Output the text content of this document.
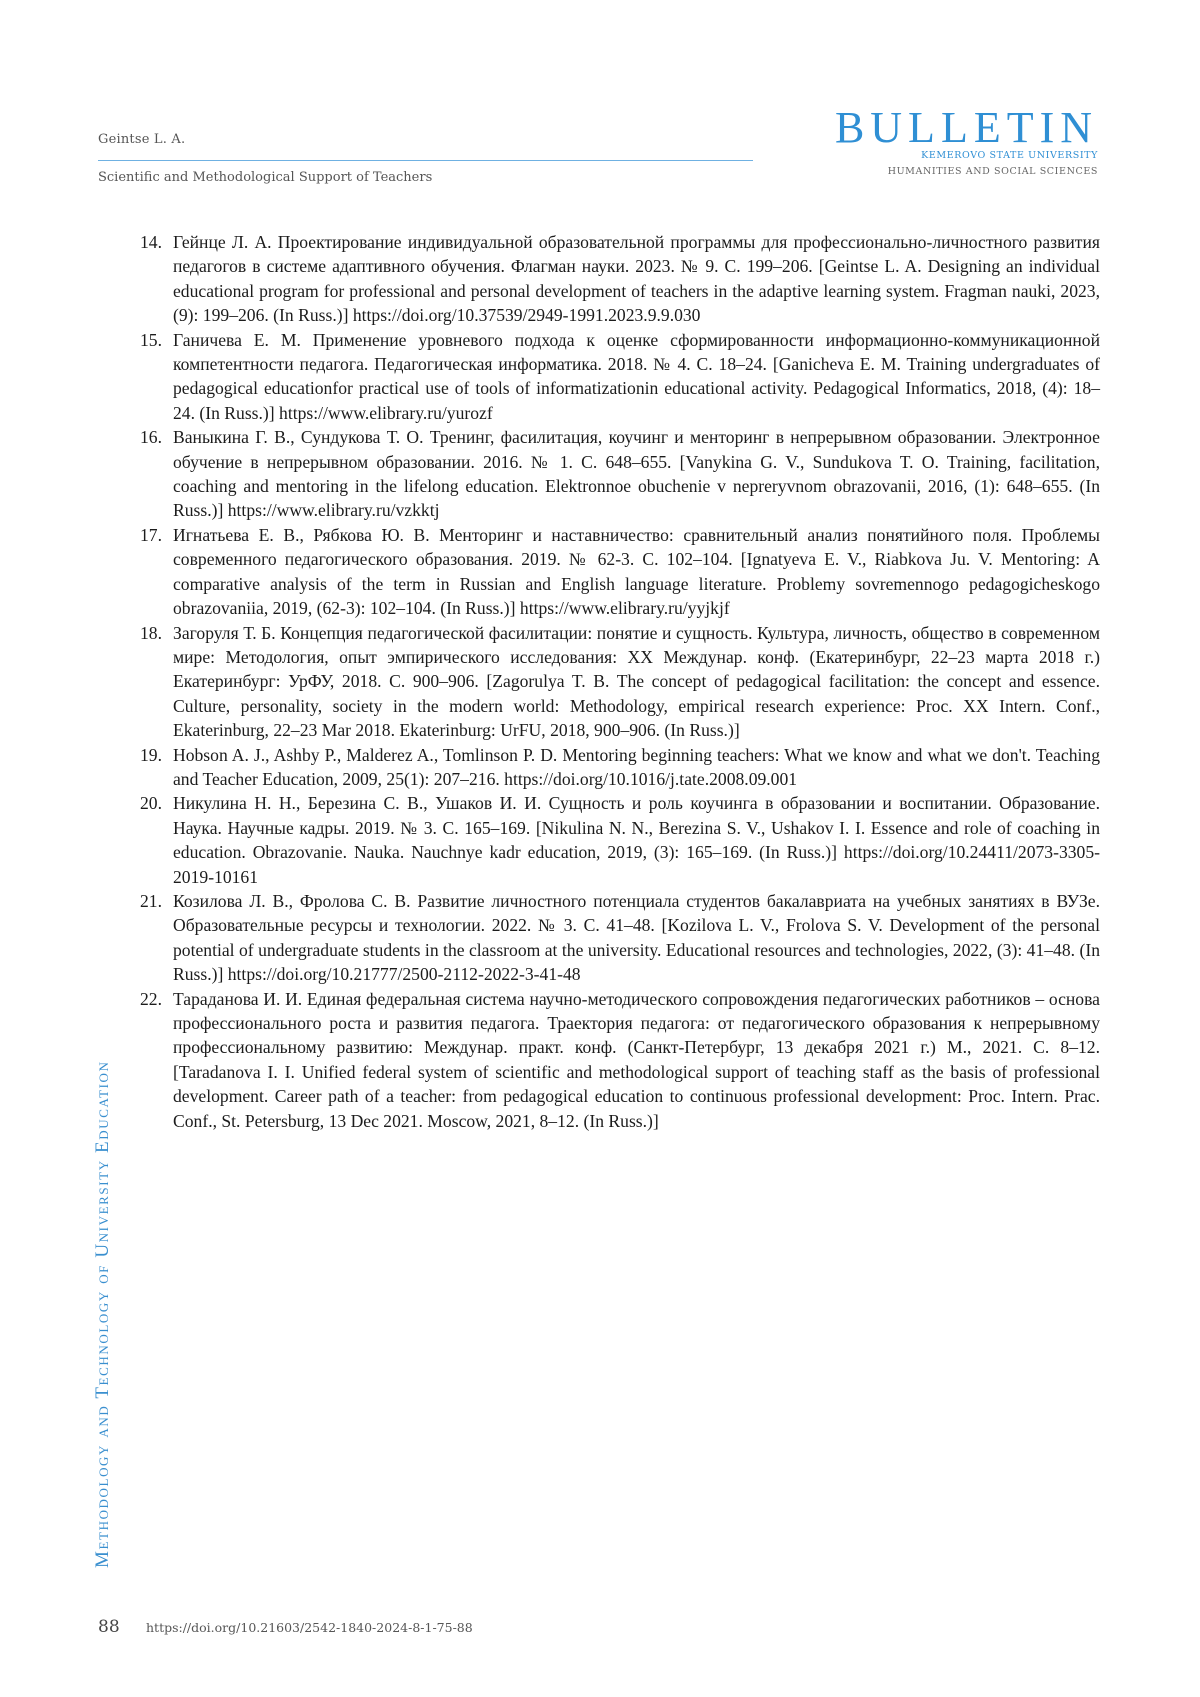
Geintse L. A.
Scientific and Methodological Support of Teachers
BULLETIN
KEMEROVO STATE UNIVERSITY
HUMANITIES AND SOCIAL SCIENCES
Methodology and Technology of University Education
14. Гейнце Л. А. Проектирование индивидуальной образовательной программы для профессионально-личностного развития педагогов в системе адаптивного обучения. Флагман науки. 2023. № 9. С. 199–206. [Geintse L. A. Designing an individual educational program for professional and personal development of teachers in the adaptive learning system. Fragman nauki, 2023, (9): 199–206. (In Russ.)] https://doi.org/10.37539/2949-1991.2023.9.9.030
15. Ганичева Е. М. Применение уровневого подхода к оценке сформированности информационно-коммуникационной компетентности педагога. Педагогическая информатика. 2018. № 4. С. 18–24. [Ganicheva E. M. Training undergraduates of pedagogical educationfor practical use of tools of informatizationin educational activity. Pedagogical Informatics, 2018, (4): 18–24. (In Russ.)] https://www.elibrary.ru/yurozf
16. Ваныкина Г. В., Сундукова Т. О. Тренинг, фасилитация, коучинг и менторинг в непрерывном образовании. Электронное обучение в непрерывном образовании. 2016. № 1. С. 648–655. [Vanykina G. V., Sundukova T. O. Training, facilitation, coaching and mentoring in the lifelong education. Elektronnoe obuchenie v nepreryvnom obrazovanii, 2016, (1): 648–655. (In Russ.)] https://www.elibrary.ru/vzkktj
17. Игнатьева Е. В., Рябкова Ю. В. Менторинг и наставничество: сравнительный анализ понятийного поля. Проблемы современного педагогического образования. 2019. № 62-3. С. 102–104. [Ignatyeva E. V., Riabkova Ju. V. Mentoring: A comparative analysis of the term in Russian and English language literature. Problemy sovremennogo pedagogicheskogo obrazovaniia, 2019, (62-3): 102–104. (In Russ.)] https://www.elibrary.ru/yyjkjf
18. Загоруля Т. Б. Концепция педагогической фасилитации: понятие и сущность. Культура, личность, общество в современном мире: Методология, опыт эмпирического исследования: XX Междунар. конф. (Екатеринбург, 22–23 марта 2018 г.) Екатеринбург: УрФУ, 2018. С. 900–906. [Zagorulya T. B. The concept of pedagogical facilitation: the concept and essence. Culture, personality, society in the modern world: Methodology, empirical research experience: Proc. XX Intern. Conf., Ekaterinburg, 22–23 Mar 2018. Ekaterinburg: UrFU, 2018, 900–906. (In Russ.)]
19. Hobson A. J., Ashby P., Malderez A., Tomlinson P. D. Mentoring beginning teachers: What we know and what we don't. Teaching and Teacher Education, 2009, 25(1): 207–216. https://doi.org/10.1016/j.tate.2008.09.001
20. Никулина Н. Н., Березина С. В., Ушаков И. И. Сущность и роль коучинга в образовании и воспитании. Образование. Наука. Научные кадры. 2019. № 3. С. 165–169. [Nikulina N. N., Berezina S. V., Ushakov I. I. Essence and role of coaching in education. Obrazovanie. Nauka. Nauchnye kadr education, 2019, (3): 165–169. (In Russ.)] https://doi.org/10.24411/2073-3305-2019-10161
21. Козилова Л. В., Фролова С. В. Развитие личностного потенциала студентов бакалавриата на учебных занятиях в ВУЗе. Образовательные ресурсы и технологии. 2022. № 3. С. 41–48. [Kozilova L. V., Frolova S. V. Development of the personal potential of undergraduate students in the classroom at the university. Educational resources and technologies, 2022, (3): 41–48. (In Russ.)] https://doi.org/10.21777/2500-2112-2022-3-41-48
22. Тараданова И. И. Единая федеральная система научно-методического сопровождения педагогических работников – основа профессионального роста и развития педагога. Траектория педагога: от педагогического образования к непрерывному профессиональному развитию: Междунар. практ. конф. (Санкт-Петербург, 13 декабря 2021 г.) М., 2021. С. 8–12. [Taradanova I. I. Unified federal system of scientific and methodological support of teaching staff as the basis of professional development. Career path of a teacher: from pedagogical education to continuous professional development: Proc. Intern. Prac. Conf., St. Petersburg, 13 Dec 2021. Moscow, 2021, 8–12. (In Russ.)]
88 https://doi.org/10.21603/2542-1840-2024-8-1-75-88
